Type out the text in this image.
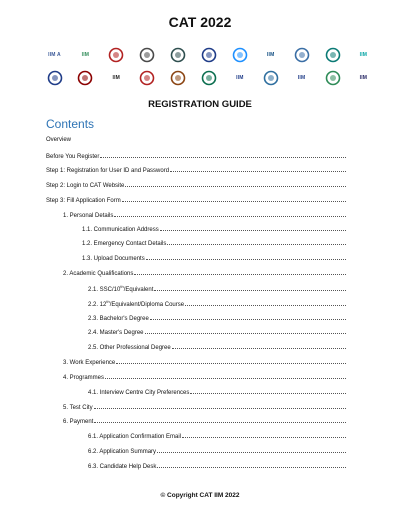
CAT 2022
IIM A	IIM	IIM	IIM
IIM	IIM	IIM	IIM
REGISTRATION GUIDE
Contents
Overview
Before You Register
Step 1: Registration for User ID and Password
Step 2: Login to CAT Website
Step 3: Fill Application Form
1. Personal Details
1.1. Communication Address
1.2. Emergency Contact Details
1.3. Upload Documents
2. Academic Qualifications
2.1. SSC/10th/Equivalent
2.2. 12th/Equivalent/Diploma Course
2.3. Bachelor's Degree
2.4. Master's Degree
2.5. Other Professional Degree
3. Work Experience
4. Programmes
4.1. Interview Centre City Preferences
5. Test City
6. Payment
6.1. Application Confirmation Email
6.2. Application Summary
6.3. Candidate Help Desk
© Copyright CAT IIM 2022
